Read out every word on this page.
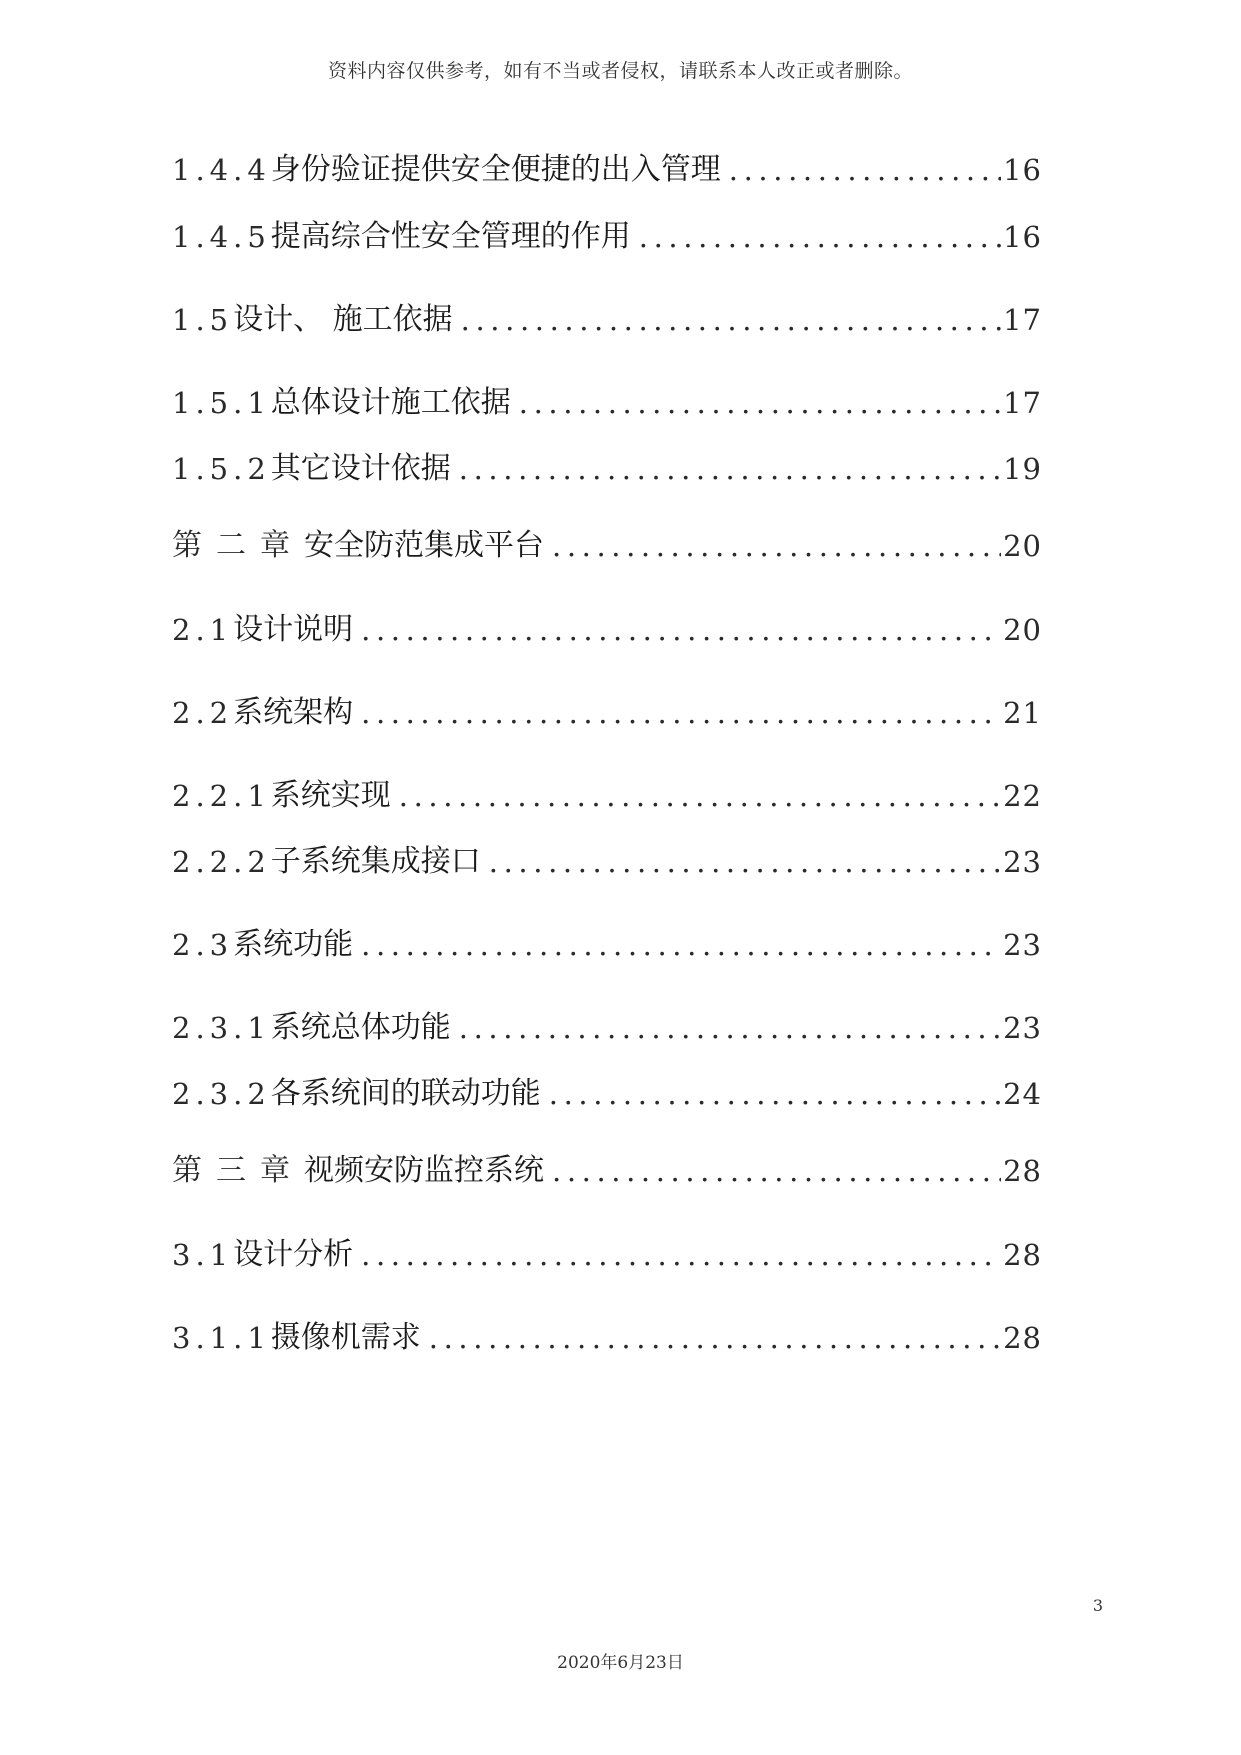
资料内容仅供参考，如有不当或者侵权，请联系本人改正或者删除。
1.4.4 身份验证提供安全便捷的出入管理 .....	16
1.4.5 提高综合性安全管理的作用 .....	16
1.5 设计、 施工依据 .....	17
1.5.1 总体设计施工依据 .....	17
1.5.2 其它设计依据 .....	19
第 二 章 安全防范集成平台 .....	20
2.1 设计说明 .....	20
2.2 系统架构 .....	21
2.2.1 系统实现 .....	22
2.2.2 子系统集成接口 .....	23
2.3 系统功能 .....	23
2.3.1 系统总体功能 .....	23
2.3.2 各系统间的联动功能 .....	24
第 三 章 视频安防监控系统 .....	28
3.1 设计分析 .....	28
3.1.1 摄像机需求 .....	28
3
2020年6月23日
